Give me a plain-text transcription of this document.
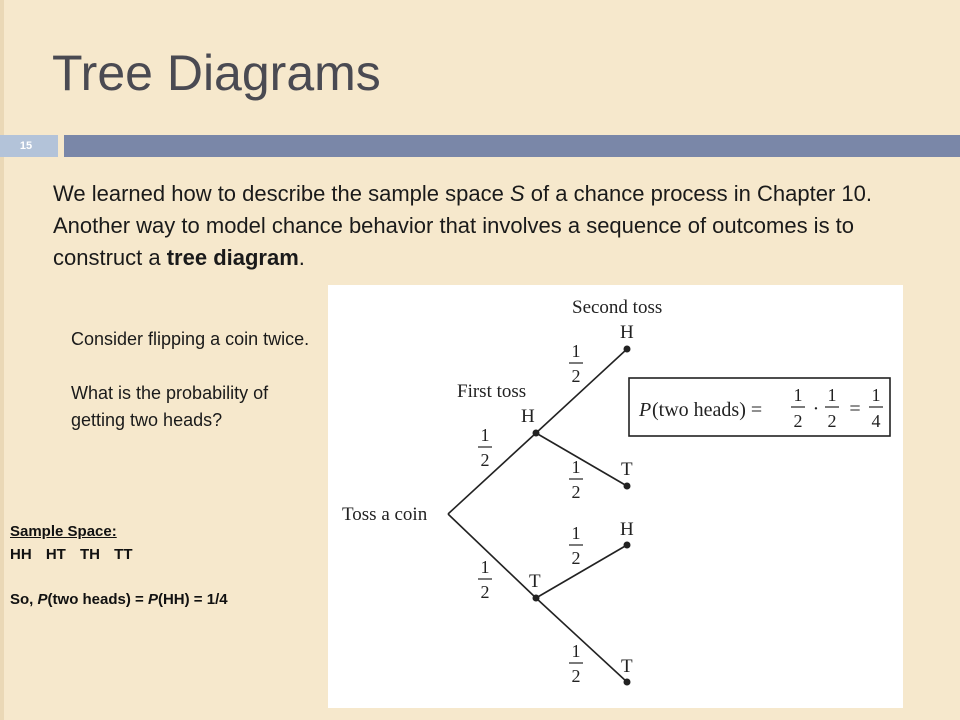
Tree Diagrams
15
We learned how to describe the sample space S of a chance process in Chapter 10. Another way to model chance behavior that involves a sequence of outcomes is to construct a tree diagram.

Consider flipping a coin twice.

What is the probability of getting two heads?

Sample Space:
HH HT TH TT
So, P(two heads) = P(HH) = 1/4
Second toss
First toss
Toss a coin
H
T
H
T
H
T
1
2
1
2
1
2
1
2
1
2
1
2
P (two heads) =
1
2
·
1
2
=
1
4
